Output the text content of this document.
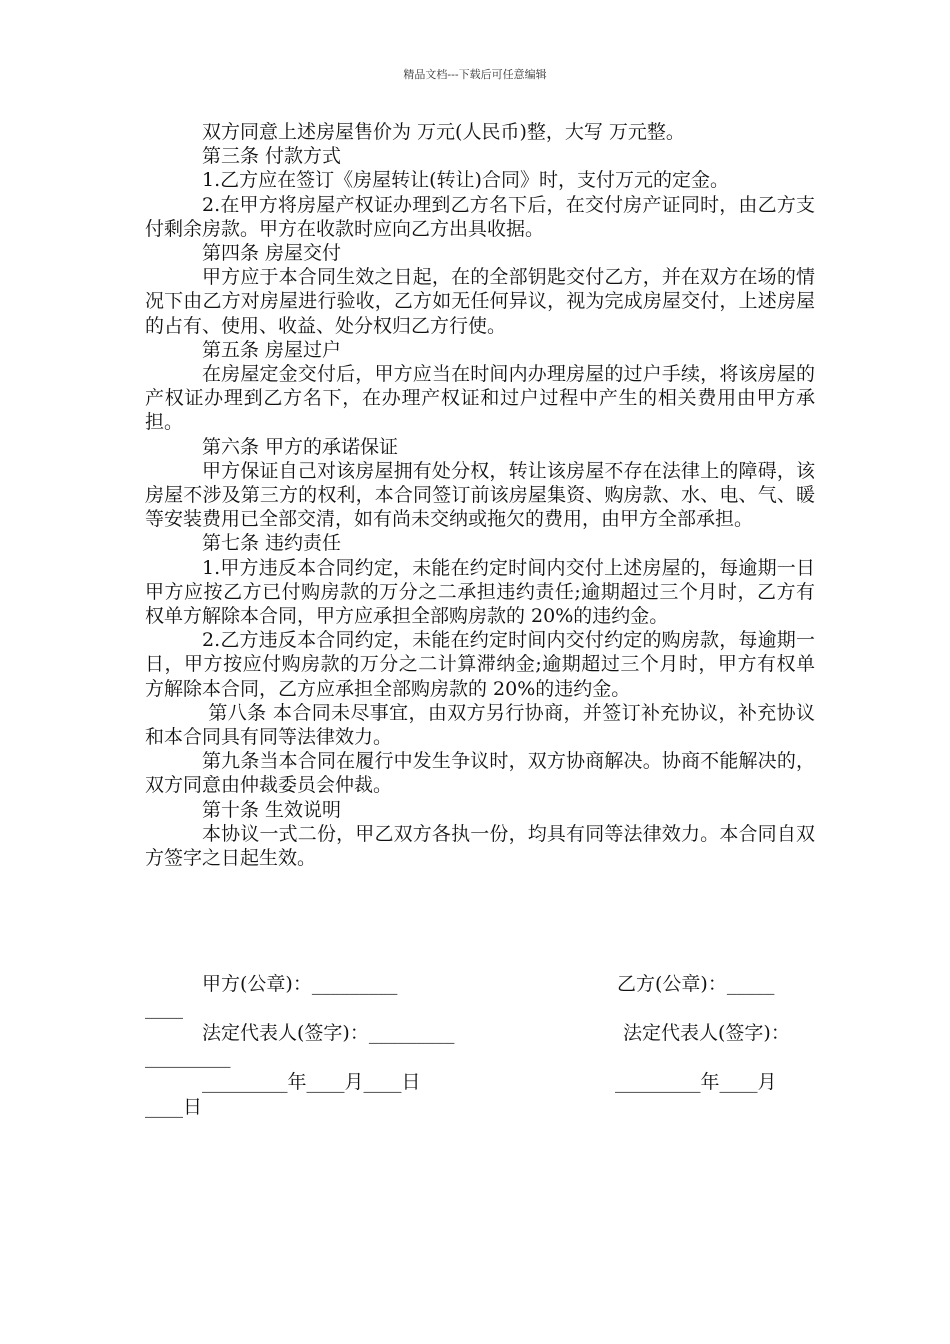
精品文档---下载后可任意编辑

双方同意上述房屋售价为 万元(人民币)整，大写 万元整。

第三条 付款方式

1.乙方应在签订《房屋转让(转让)合同》时，支付万元的定金。

2.在甲方将房屋产权证办理到乙方名下后，在交付房产证同时，由乙方支付剩余房款。甲方在收款时应向乙方出具收据。

第四条 房屋交付

甲方应于本合同生效之日起，在的全部钥匙交付乙方，并在双方在场的情况下由乙方对房屋进行验收，乙方如无任何异议，视为完成房屋交付，上述房屋的占有、使用、收益、处分权归乙方行使。

第五条 房屋过户

在房屋定金交付后，甲方应当在时间内办理房屋的过户手续，将该房屋的产权证办理到乙方名下，在办理产权证和过户过程中产生的相关费用由甲方承担。

第六条 甲方的承诺保证

甲方保证自己对该房屋拥有处分权，转让该房屋不存在法律上的障碍，该房屋不涉及第三方的权利，本合同签订前该房屋集资、购房款、水、电、气、暖等安装费用已全部交清，如有尚未交纳或拖欠的费用，由甲方全部承担。

第七条 违约责任

1.甲方违反本合同约定，未能在约定时间内交付上述房屋的，每逾期一日甲方应按乙方已付购房款的万分之二承担违约责任;逾期超过三个月时，乙方有权单方解除本合同，甲方应承担全部购房款的 20%的违约金。

2.乙方违反本合同约定，未能在约定时间内交付约定的购房款，每逾期一日，甲方按应付购房款的万分之二计算滞纳金;逾期超过三个月时，甲方有权单方解除本合同，乙方应承担全部购房款的 20%的违约金。

第八条 本合同未尽事宜，由双方另行协商，并签订补充协议，补充协议和本合同具有同等法律效力。

第九条当本合同在履行中发生争议时，双方协商解决。协商不能解决的，双方同意由仲裁委员会仲裁。

第十条 生效说明

本协议一式二份，甲乙双方各执一份，均具有同等法律效力。本合同自双方签字之日起生效。

甲方(公章)：_________

	乙方(公章)：_____

____

法定代表人(签字)：_________

	法定代表人(签字)：

_________

_________年____月____日

	_________年____月

____日
